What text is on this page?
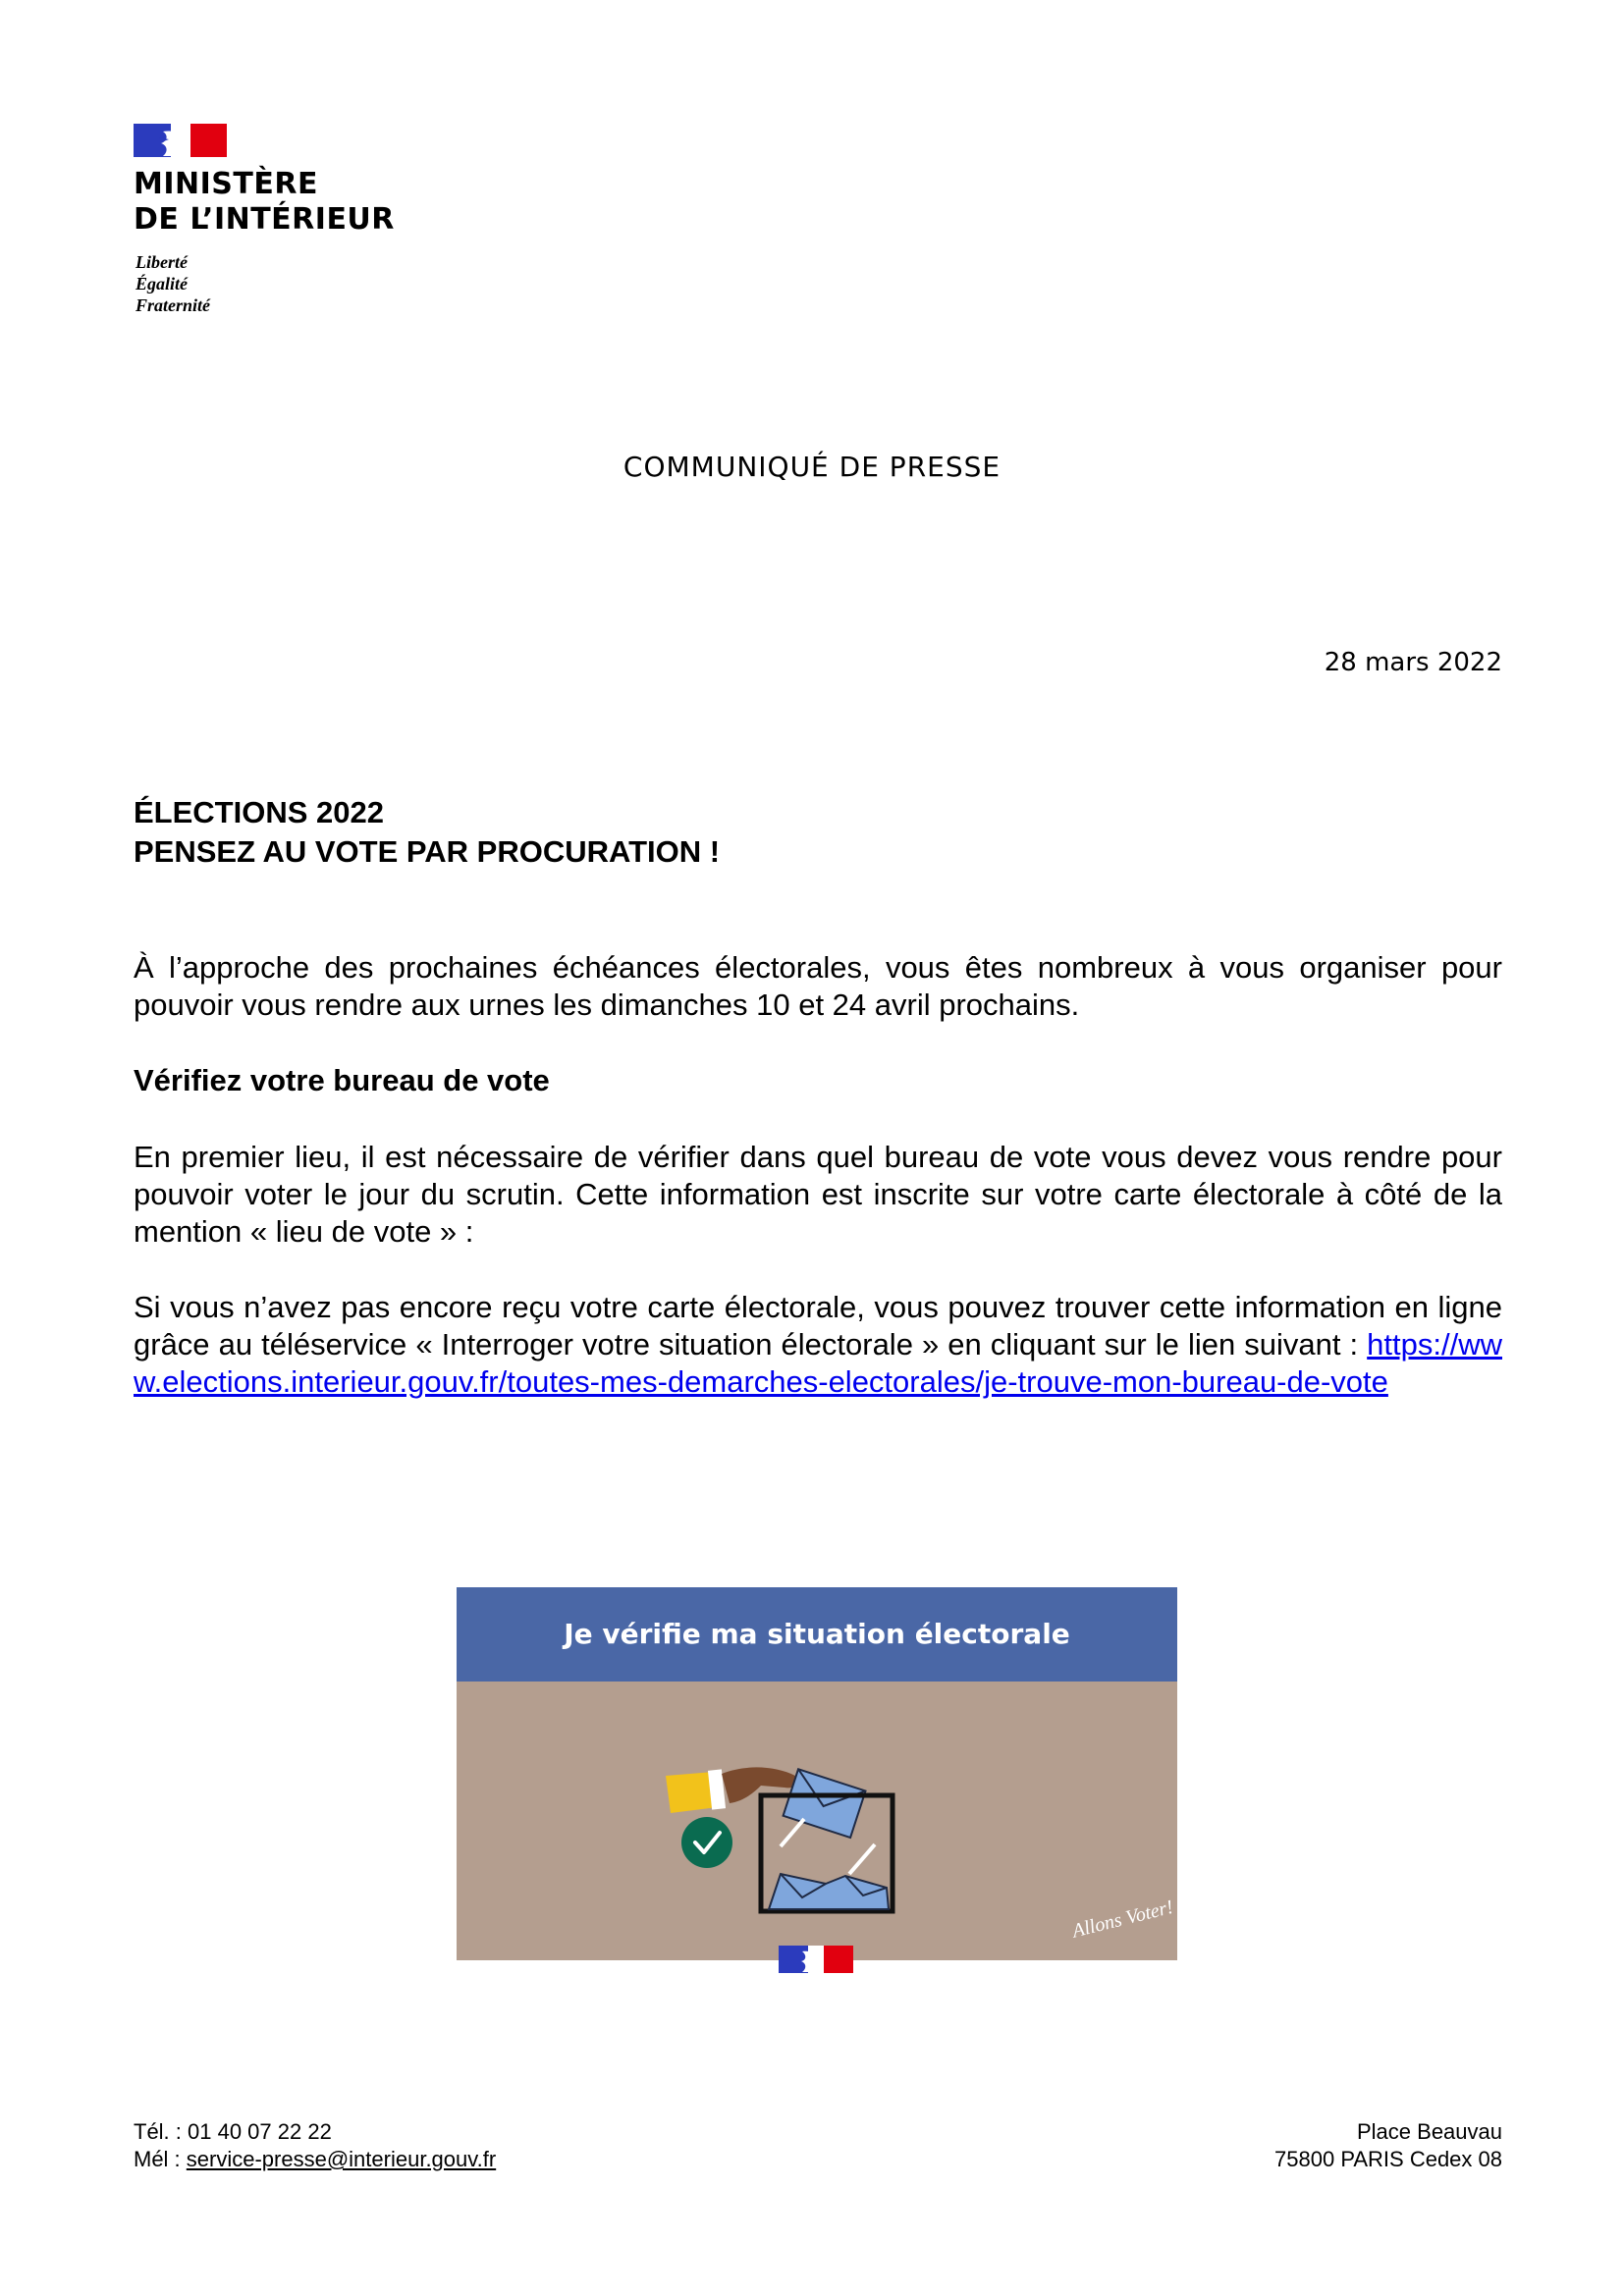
MINISTÈRE
DE L’INTÉRIEUR
Liberté
Égalité
Fraternité
COMMUNIQUÉ DE PRESSE
28 mars 2022
ÉLECTIONS 2022
PENSEZ AU VOTE PAR PROCURATION !
À l’approche des prochaines échéances électorales, vous êtes nombreux à vous organiser pour pouvoir vous rendre aux urnes les dimanches 10 et 24 avril prochains.
Vérifiez votre bureau de vote
En premier lieu, il est nécessaire de vérifier dans quel bureau de vote vous devez vous rendre pour pouvoir voter le jour du scrutin. Cette information est inscrite sur votre carte électorale à côté de la mention « lieu de vote » :
Si vous n’avez pas encore reçu votre carte électorale, vous pouvez trouver cette information en ligne grâce au téléservice « Interroger votre situation électorale » en cliquant sur le lien suivant : https://www.elections.interieur.gouv.fr/toutes-mes-demarches-electorales/je-trouve-mon-bureau-de-vote
Je vérifie ma situation électorale
Allons Voter!
Tél. : 01 40 07 22 22
Mél : service-presse@interieur.gouv.fr
Place Beauvau
75800 PARIS Cedex 08
